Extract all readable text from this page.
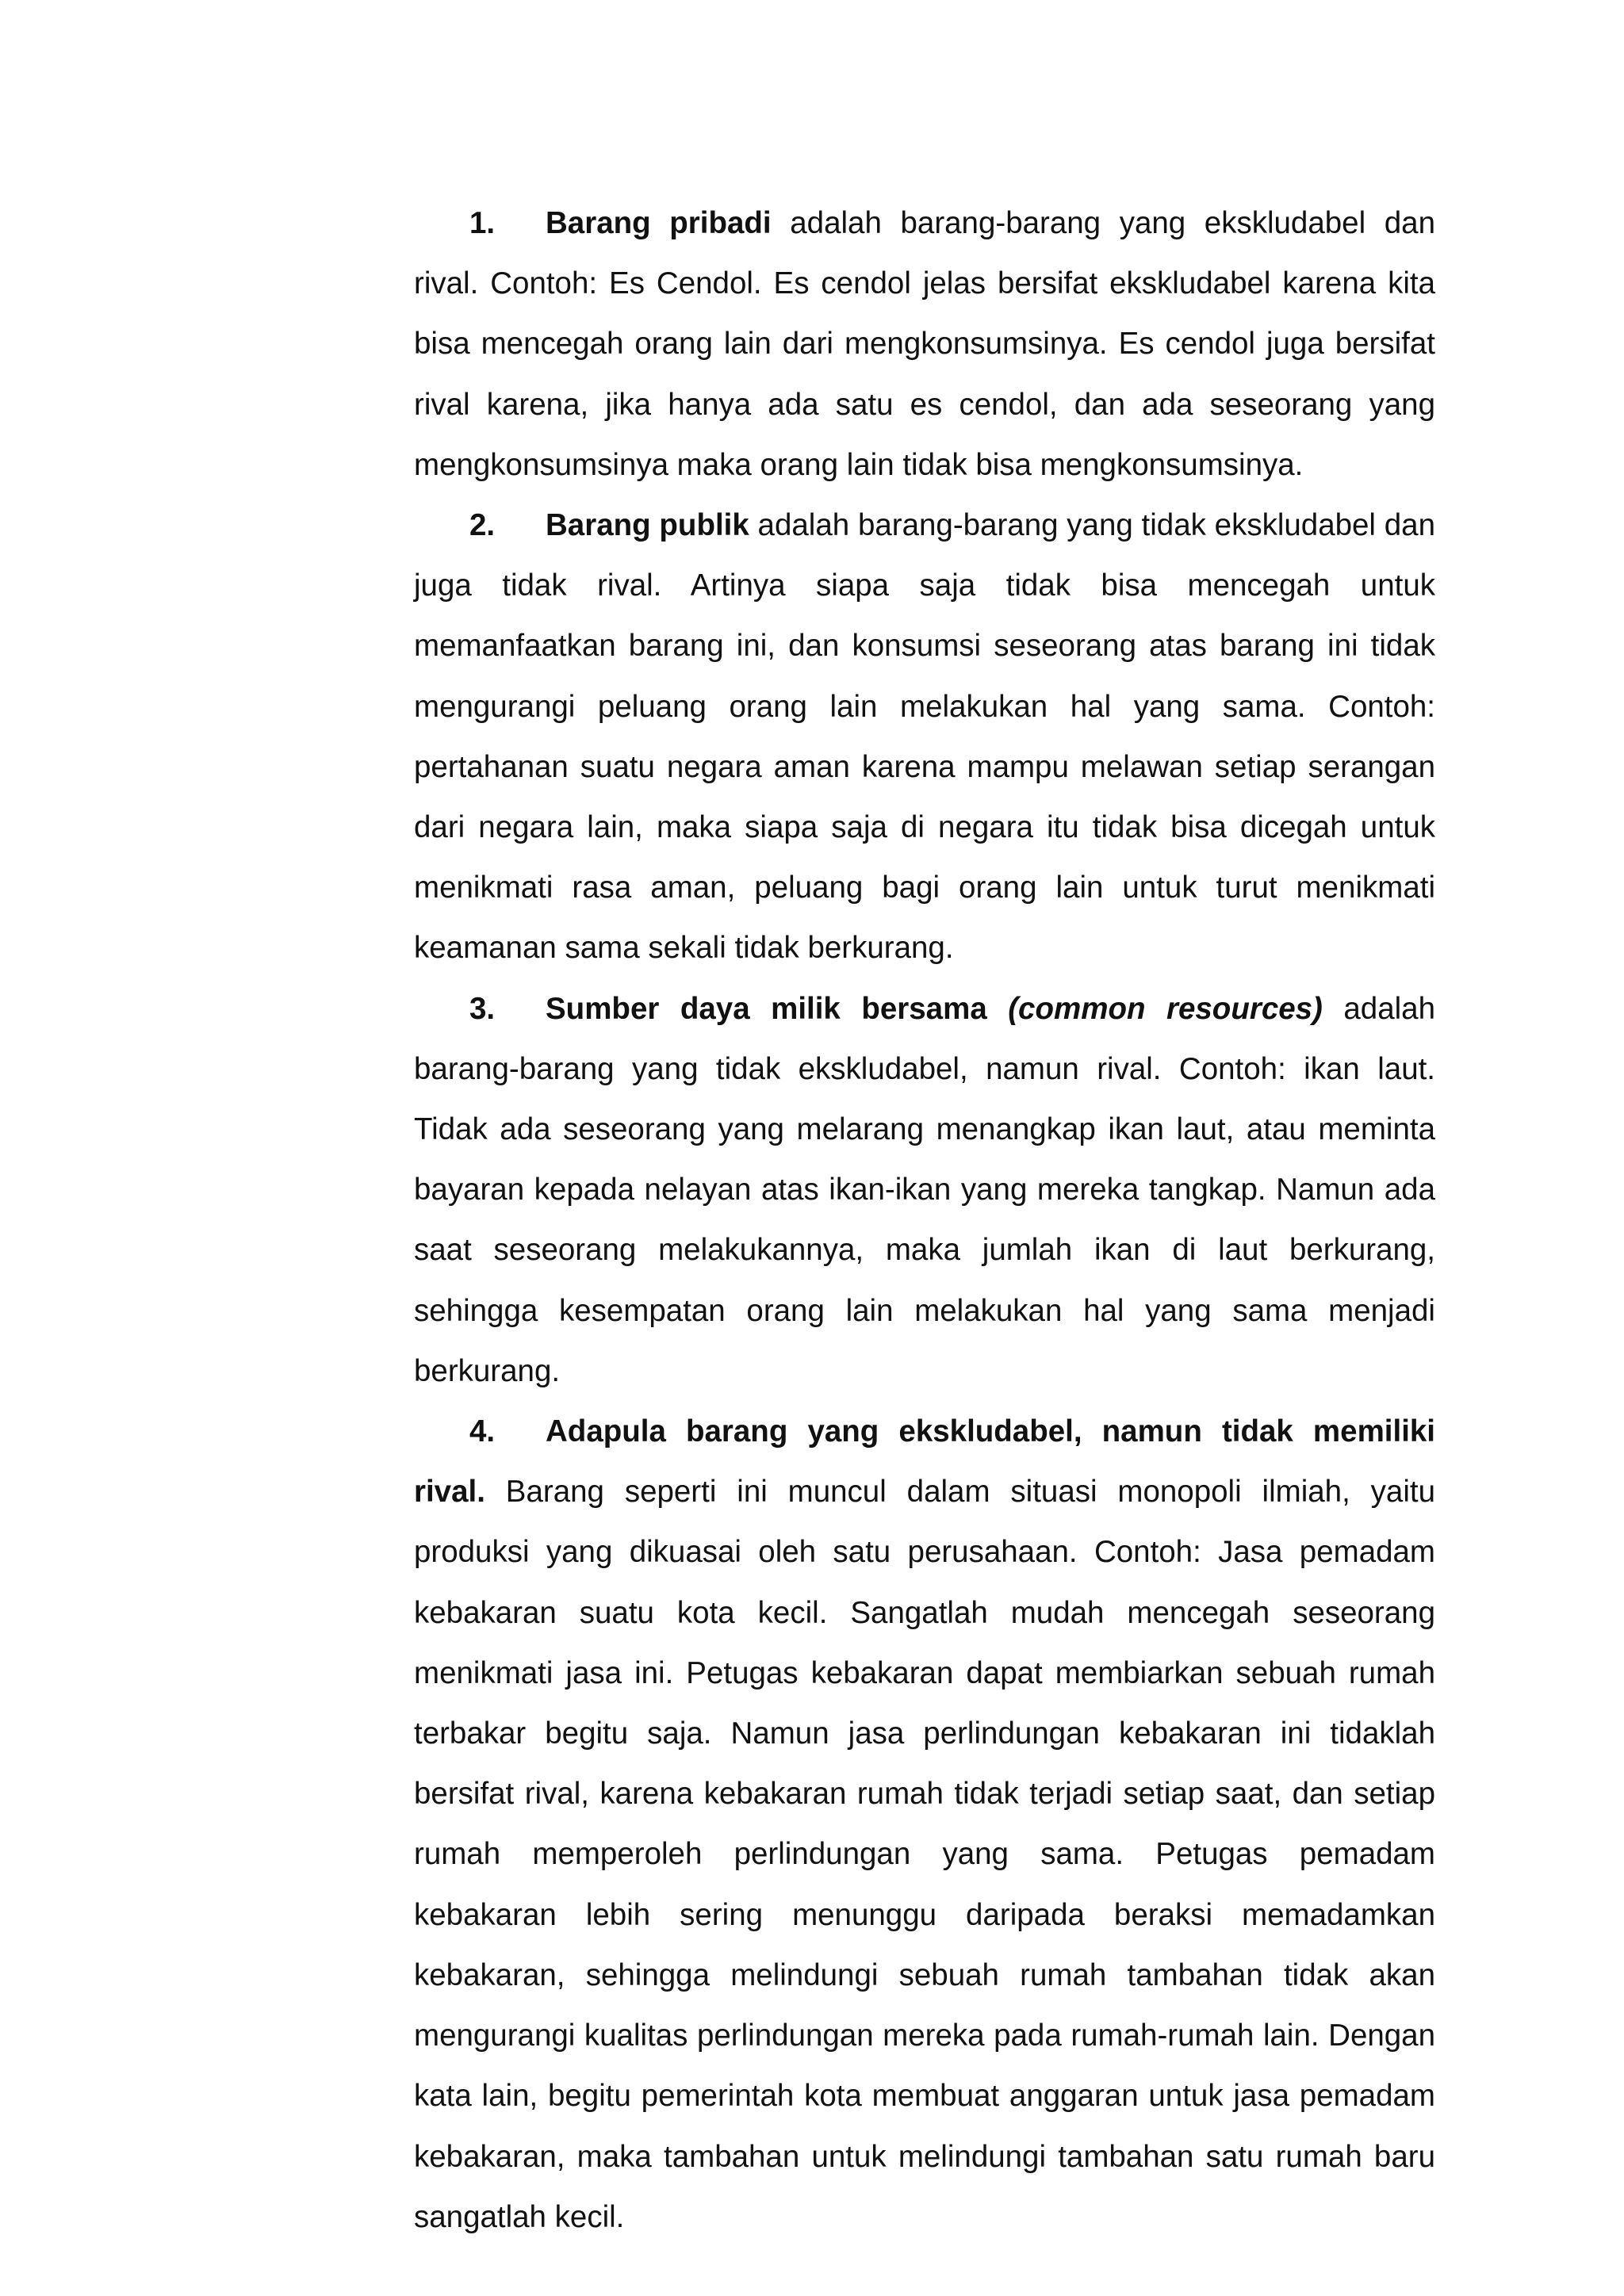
1. Barang pribadi adalah barang-barang yang ekskludabel dan rival. Contoh: Es Cendol. Es cendol jelas bersifat ekskludabel karena kita bisa mencegah orang lain dari mengkonsumsinya. Es cendol juga bersifat rival karena, jika hanya ada satu es cendol, dan ada seseorang yang mengkonsumsinya maka orang lain tidak bisa mengkonsumsinya.

2. Barang publik adalah barang-barang yang tidak ekskludabel dan juga tidak rival. Artinya siapa saja tidak bisa mencegah untuk memanfaatkan barang ini, dan konsumsi seseorang atas barang ini tidak mengurangi peluang orang lain melakukan hal yang sama. Contoh: pertahanan suatu negara aman karena mampu melawan setiap serangan dari negara lain, maka siapa saja di negara itu tidak bisa dicegah untuk menikmati rasa aman, peluang bagi orang lain untuk turut menikmati keamanan sama sekali tidak berkurang.

3. Sumber daya milik bersama (common resources) adalah barang-barang yang tidak ekskludabel, namun rival. Contoh: ikan laut. Tidak ada seseorang yang melarang menangkap ikan laut, atau meminta bayaran kepada nelayan atas ikan-ikan yang mereka tangkap. Namun ada saat seseorang melakukannya, maka jumlah ikan di laut berkurang, sehingga kesempatan orang lain melakukan hal yang sama menjadi berkurang.

4. Adapula barang yang ekskludabel, namun tidak memiliki rival. Barang seperti ini muncul dalam situasi monopoli ilmiah, yaitu produksi yang dikuasai oleh satu perusahaan. Contoh: Jasa pemadam kebakaran suatu kota kecil. Sangatlah mudah mencegah seseorang menikmati jasa ini. Petugas kebakaran dapat membiarkan sebuah rumah terbakar begitu saja. Namun jasa perlindungan kebakaran ini tidaklah bersifat rival, karena kebakaran rumah tidak terjadi setiap saat, dan setiap rumah memperoleh perlindungan yang sama. Petugas pemadam kebakaran lebih sering menunggu daripada beraksi memadamkan kebakaran, sehingga melindungi sebuah rumah tambahan tidak akan mengurangi kualitas perlindungan mereka pada rumah-rumah lain. Dengan kata lain, begitu pemerintah kota membuat anggaran untuk jasa pemadam kebakaran, maka tambahan untuk melindungi tambahan satu rumah baru sangatlah kecil.
